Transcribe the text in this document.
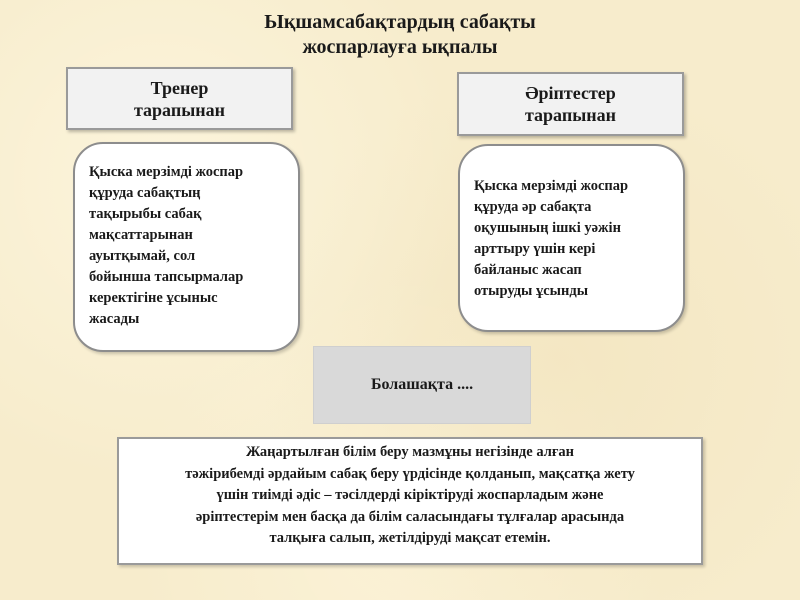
Ықшамсабақтардың сабақты
жоспарлауға ықпалы
Тренер
тарапынан
Әріптестер
тарапынан
Қыска мерзімді жоспар
құруда сабақтың
тақырыбы сабақ
мақсаттарынан
ауытқымай, сол
бойынша тапсырмалар
керектігіне ұсыныс
жасады
Қыска мерзімді жоспар
құруда әр сабақта
оқушының ішкі уәжін
арттыру үшін кері
байланыс жасап
отыруды ұсынды
Болашақта ....
Жаңартылған білім беру мазмұны негізінде алған
тәжірибемді әрдайым сабақ беру үрдісінде қолданып, мақсатқа жету
үшін тиімді әдіс – тәсілдерді кіріктіруді жоспарладым және
әріптестерім мен басқа да білім саласындағы тұлғалар арасында
талқыға салып, жетілдіруді мақсат етемін.
